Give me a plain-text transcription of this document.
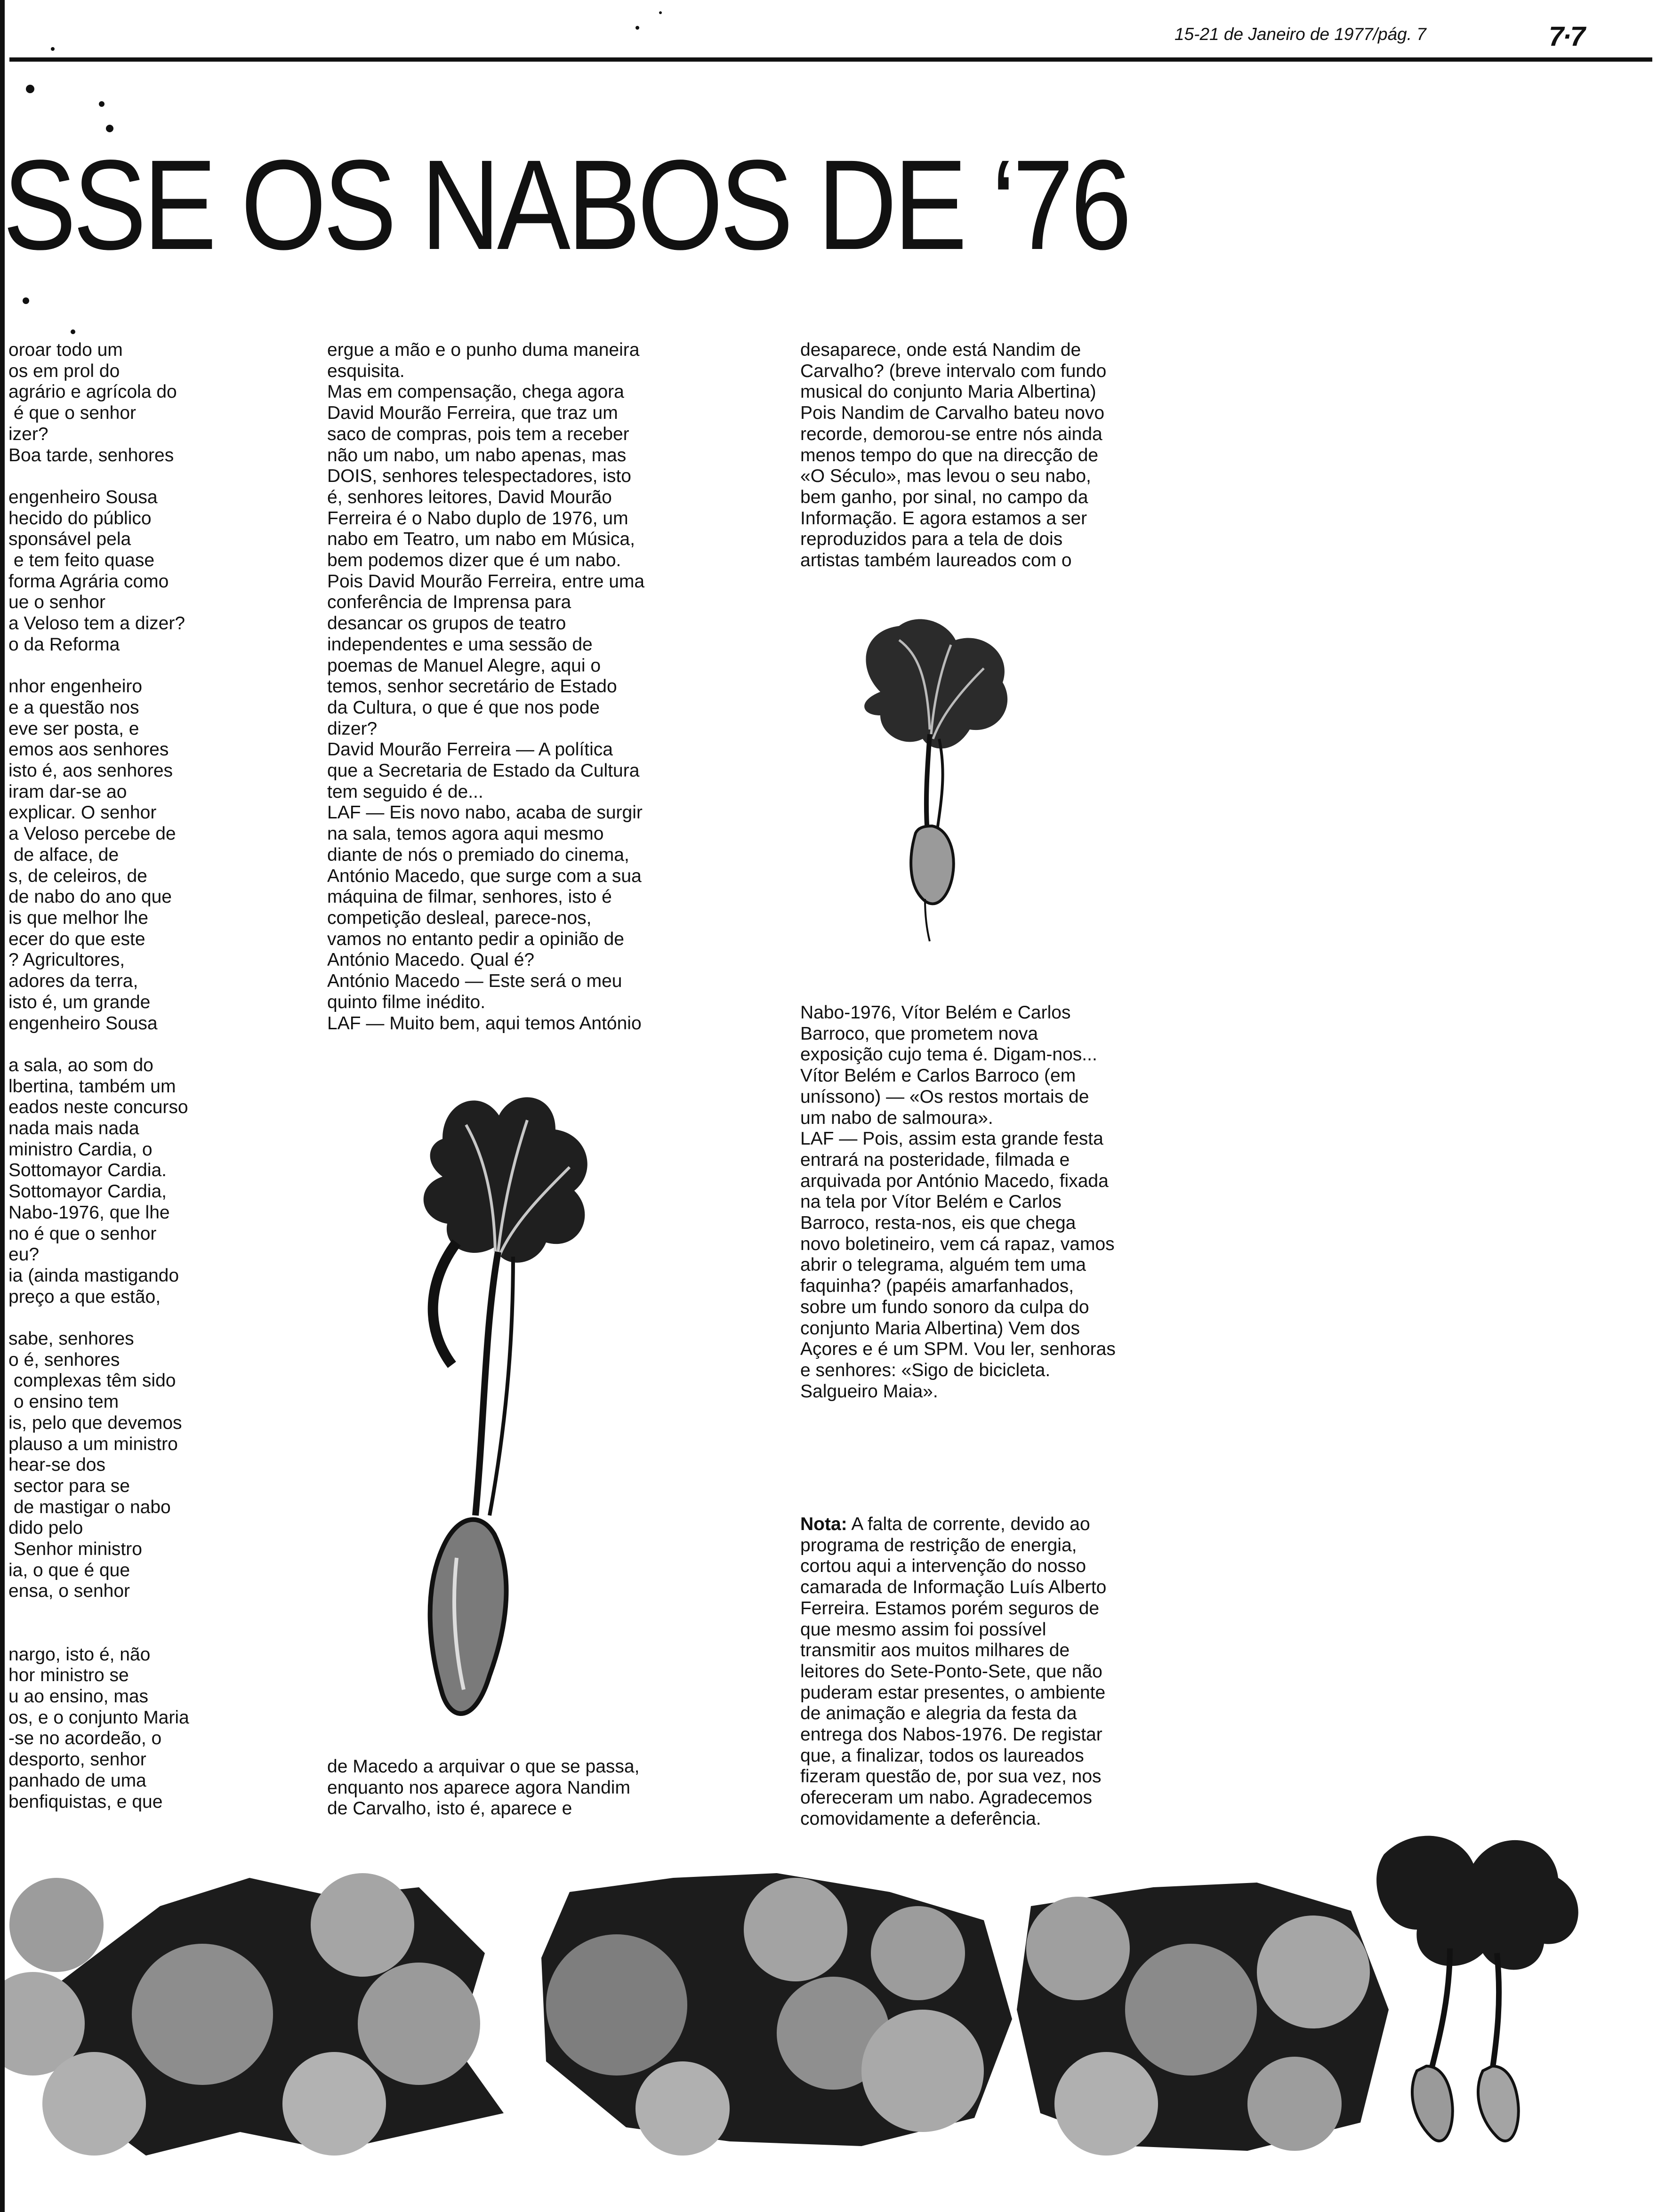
15-21 de Janeiro de 1977/pág. 7	7·7
SSE OS NABOS DE ‘76
oroar todo um
os em prol do
agrário e agrícola do
é que o senhor
izer?
Boa tarde, senhores

engenheiro Sousa
hecido do público
sponsável pela
e tem feito quase
forma Agrária como
ue o senhor
a Veloso tem a dizer?
o da Reforma

nhor engenheiro
e a questão nos
eve ser posta, e
emos aos senhores
isto é, aos senhores
iram dar-se ao
explicar. O senhor
a Veloso percebe de
de alface, de
s, de celeiros, de
de nabo do ano que
is que melhor lhe
ecer do que este
? Agricultores,
adores da terra,
isto é, um grande
engenheiro Sousa

a sala, ao som do
lbertina, também um
eados neste concurso
nada mais nada
ministro Cardia, o
Sottomayor Cardia.
Sottomayor Cardia,
Nabo-1976, que lhe
no é que o senhor
eu?
ia (ainda mastigando
preço a que estão,

sabe, senhores
o é, senhores
complexas têm sido
o ensino tem
is, pelo que devemos
plauso a um ministro
hear-se dos
sector para se
de mastigar o nabo
dido pelo
Senhor ministro
ia, o que é que
ensa, o senhor

nargo, isto é, não
hor ministro se
u ao ensino, mas
os, e o conjunto Maria
-se no acordeão, o
desporto, senhor
panhado de uma
benfiquistas, e que
ergue a mão e o punho duma maneira
esquisita.
Mas em compensação, chega agora
David Mourão Ferreira, que traz um
saco de compras, pois tem a receber
não um nabo, um nabo apenas, mas
DOIS, senhores telespectadores, isto
é, senhores leitores, David Mourão
Ferreira é o Nabo duplo de 1976, um
nabo em Teatro, um nabo em Música,
bem podemos dizer que é um nabo.
Pois David Mourão Ferreira, entre uma
conferência de Imprensa para
desancar os grupos de teatro
independentes e uma sessão de
poemas de Manuel Alegre, aqui o
temos, senhor secretário de Estado
da Cultura, o que é que nos pode
dizer?
David Mourão Ferreira — A política
que a Secretaria de Estado da Cultura
tem seguido é de...
LAF — Eis novo nabo, acaba de surgir
na sala, temos agora aqui mesmo
diante de nós o premiado do cinema,
António Macedo, que surge com a sua
máquina de filmar, senhores, isto é
competição desleal, parece-nos,
vamos no entanto pedir a opinião de
António Macedo. Qual é?
António Macedo — Este será o meu
quinto filme inédito.
LAF — Muito bem, aqui temos António
de Macedo a arquivar o que se passa,
enquanto nos aparece agora Nandim
de Carvalho, isto é, aparece e
desaparece, onde está Nandim de
Carvalho? (breve intervalo com fundo
musical do conjunto Maria Albertina)
Pois Nandim de Carvalho bateu novo
recorde, demorou-se entre nós ainda
menos tempo do que na direcção de
«O Século», mas levou o seu nabo,
bem ganho, por sinal, no campo da
Informação. E agora estamos a ser
reproduzidos para a tela de dois
artistas também laureados com o
Nabo-1976, Vítor Belém e Carlos
Barroco, que prometem nova
exposição cujo tema é. Digam-nos...
Vítor Belém e Carlos Barroco (em
uníssono) — «Os restos mortais de
um nabo de salmoura».
LAF — Pois, assim esta grande festa
entrará na posteridade, filmada e
arquivada por António Macedo, fixada
na tela por Vítor Belém e Carlos
Barroco, resta-nos, eis que chega
novo boletineiro, vem cá rapaz, vamos
abrir o telegrama, alguém tem uma
faquinha? (papéis amarfanhados,
sobre um fundo sonoro da culpa do
conjunto Maria Albertina) Vem dos
Açores e é um SPM. Vou ler, senhoras
e senhores: «Sigo de bicicleta.
Salgueiro Maia».
Nota: A falta de corrente, devido ao
programa de restrição de energia,
cortou aqui a intervenção do nosso
camarada de Informação Luís Alberto
Ferreira. Estamos porém seguros de
que mesmo assim foi possível
transmitir aos muitos milhares de
leitores do Sete-Ponto-Sete, que não
puderam estar presentes, o ambiente
de animação e alegria da festa da
entrega dos Nabos-1976. De registar
que, a finalizar, todos os laureados
fizeram questão de, por sua vez, nos
ofereceram um nabo. Agradecemos
comovidamente a deferência.
